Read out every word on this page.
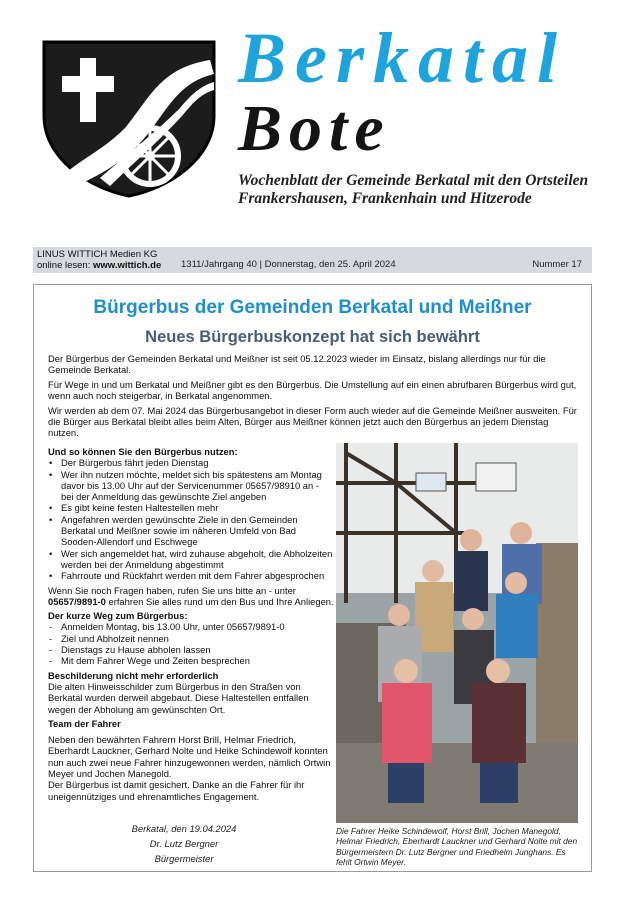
Berkatal
Bote
Wochenblatt der Gemeinde Berkatal mit den Ortsteilen Frankershausen, Frankenhain und Hitzerode
LINUS WITTICH Medien KG
online lesen: www.wittich.de 1311/Jahrgang 40 | Donnerstag, den 25. April 2024	Nummer 17
Bürgerbus der Gemeinden Berkatal und Meißner
Neues Bürgerbuskonzept hat sich bewährt

Der Bürgerbus der Gemeinden Berkatal und Meißner ist seit 05.12.2023 wieder im Einsatz, bislang allerdings nur für die Gemeinde Berkatal.

Für Wege in und um Berkatal und Meißner gibt es den Bürgerbus. Die Umstellung auf ein einen abrufbaren Bürgerbus wird gut, wenn auch noch steigerbar, in Berkatal angenommen.

Wir werden ab dem 07. Mai 2024 das Bürgerbusangebot in dieser Form auch wieder auf die Gemeinde Meißner ausweiten. Für die Bürger aus Berkatal bleibt alles beim Alten, Bürger aus Meißner können jetzt auch den Bürgerbus an jedem Dienstag nutzen.

Und so können Sie den Bürgerbus nutzen:
• Der Bürgerbus fährt jeden Dienstag
• Wer ihn nutzen möchte, meldet sich bis spätestens am Montag davor bis 13.00 Uhr auf der Servicenummer 05657/98910 an - bei der Anmeldung das gewünschte Ziel angeben
• Es gibt keine festen Haltestellen mehr
• Angefahren werden gewünschte Ziele in den Gemeinden Berkatal und Meißner sowie im näheren Umfeld von Bad Sooden-Allendorf und Eschwege
• Wer sich angemeldet hat, wird zuhause abgeholt, die Abholzeiten werden bei der Anmeldung abgestimmt
• Fahrroute und Rückfahrt werden mit dem Fahrer abgesprochen

Wenn Sie noch Fragen haben, rufen Sie uns bitte an - unter 05657/9891-0 erfahren Sie alles rund um den Bus und Ihre Anliegen.

Der kurze Weg zum Bürgerbus:
- Anmelden Montag, bis 13.00 Uhr, unter 05657/9891-0
- Ziel und Abholzeit nennen
- Dienstags zu Hause abholen lassen
- Mit dem Fahrer Wege und Zeiten besprechen
Beschilderung nicht mehr erforderlich
Die alten Hinweisschilder zum Bürgerbus in den Straßen von Berkatal wurden derweil abgebaut. Diese Haltestellen entfallen wegen der Abholung am gewünschten Ort.
Team der Fahrer
Neben den bewährten Fahrern Horst Brill, Helmar Friedrich, Eberhardt Lauckner, Gerhard Nolte und Heike Schindewolf konnten nun auch zwei neue Fahrer hinzugewonnen werden, nämlich Ortwin Meyer und Jochen Manegold.
Der Bürgerbus ist damit gesichert. Danke an die Fahrer für ihr uneigennütziges und ehrenamtliches Engagement.
Berkatal, den 19.04.2024
Dr. Lutz Bergner
Bürgermeister
Die Fahrer Heike Schindewolf, Horst Brill, Jochen Manegold, Helmar Friedrich, Eberhardt Lauckner und Gerhard Nolte mit den Bürgermeistern Dr. Lutz Bergner und Friedhelm Junghans. Es fehlt Ortwin Meyer.
